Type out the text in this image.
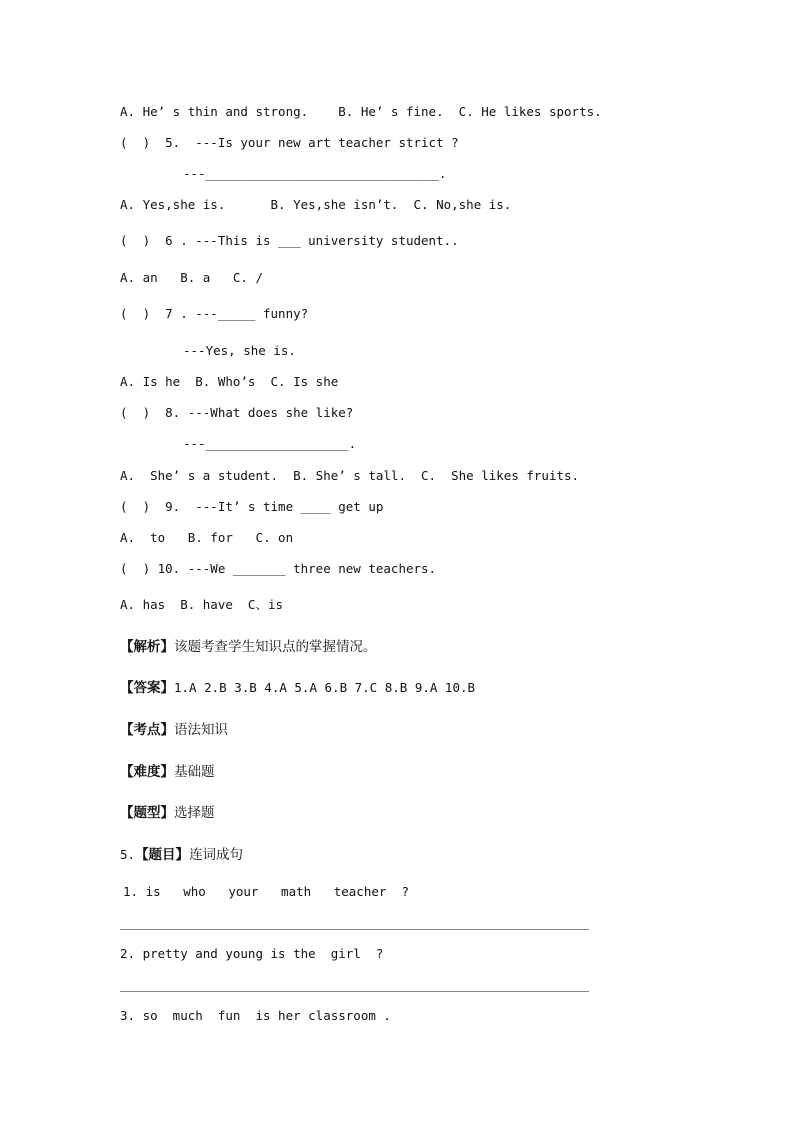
A. He’ s thin and strong.    B. He’ s fine.  C. He likes sports.
(  )  5.  ---Is your new art teacher strict ?
---_______________________________.
A. Yes,she is.      B. Yes,she isn’t.  C. No,she is.
(  )  6 . ---This is ___ university student..
A. an   B. a   C. /
(  )  7 . ---_____ funny?
---Yes, she is.
A. Is he  B. Who’s  C. Is she
(  )  8. ---What does she like?
---___________________.
A.  She’ s a student.  B. She’ s tall.  C.  She likes fruits.
(  )  9.  ---It’ s time ____ get up
A.  to   B. for   C. on
(  ) 10. ---We _______ three new teachers.
A. has  B. have  C、is
【解析】该题考查学生知识点的掌握情况。
【答案】1.A 2.B 3.B 4.A 5.A 6.B 7.C 8.B 9.A 10.B
【考点】语法知识
【难度】基础题
【题型】选择题
5.【题目】连词成句
1. is   who   your   math   teacher  ?
2. pretty and young is the  girl  ?
3. so  much  fun  is her classroom .
